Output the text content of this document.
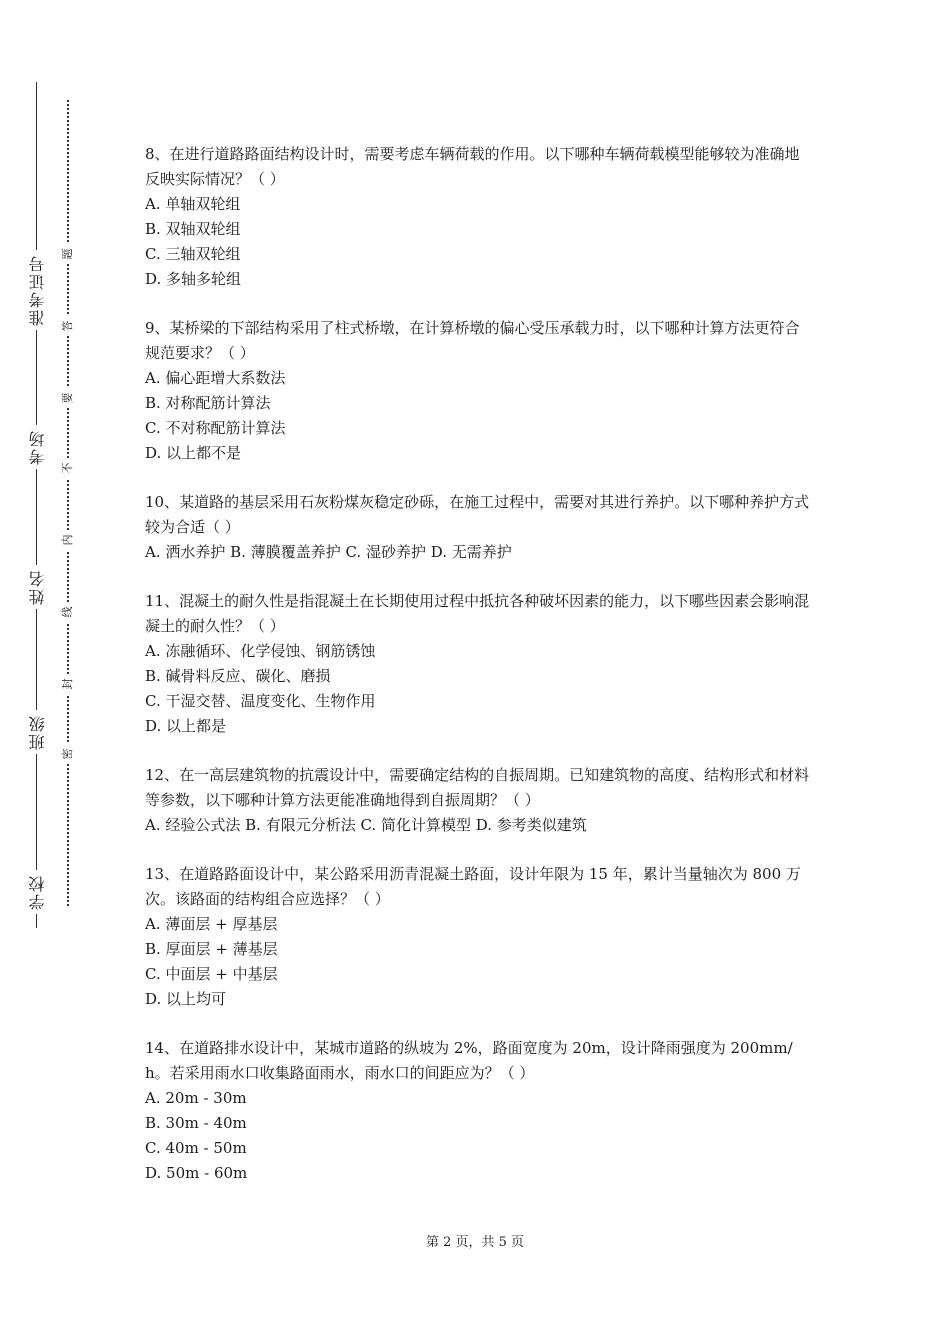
准考证号
考场
姓名
班级
学校
题
答
要
不
内
线
封
密

8、在进行道路路面结构设计时，需要考虑车辆荷载的作用。以下哪种车辆荷载模型能够较为准确地反映实际情况？（ ）

A. 单轴双轮组

B. 双轴双轮组

C. 三轴双轮组

D. 多轴多轮组

9、某桥梁的下部结构采用了柱式桥墩，在计算桥墩的偏心受压承载力时，以下哪种计算方法更符合规范要求？（ ）

A. 偏心距增大系数法

B. 对称配筋计算法

C. 不对称配筋计算法

D. 以上都不是

10、某道路的基层采用石灰粉煤灰稳定砂砾，在施工过程中，需要对其进行养护。以下哪种养护方式较为合适（ ）

A. 洒水养护 B. 薄膜覆盖养护 C. 湿砂养护 D. 无需养护

11、混凝土的耐久性是指混凝土在长期使用过程中抵抗各种破坏因素的能力，以下哪些因素会影响混凝土的耐久性？（ ）

A. 冻融循环、化学侵蚀、钢筋锈蚀

B. 碱骨料反应、碳化、磨损

C. 干湿交替、温度变化、生物作用

D. 以上都是

12、在一高层建筑物的抗震设计中，需要确定结构的自振周期。已知建筑物的高度、结构形式和材料等参数，以下哪种计算方法更能准确地得到自振周期？（ ）

A. 经验公式法 B. 有限元分析法 C. 简化计算模型 D. 参考类似建筑

13、在道路路面设计中，某公路采用沥青混凝土路面，设计年限为 15 年，累计当量轴次为 800 万次。该路面的结构组合应选择？（ ）

A. 薄面层 + 厚基层

B. 厚面层 + 薄基层

C. 中面层 + 中基层

D. 以上均可

14、在道路排水设计中，某城市道路的纵坡为 2%，路面宽度为 20m，设计降雨强度为 200mm/h。若采用雨水口收集路面雨水，雨水口的间距应为？（ ）

A. 20m - 30m

B. 30m - 40m

C. 40m - 50m

D. 50m - 60m

第 2 页，共 5 页
